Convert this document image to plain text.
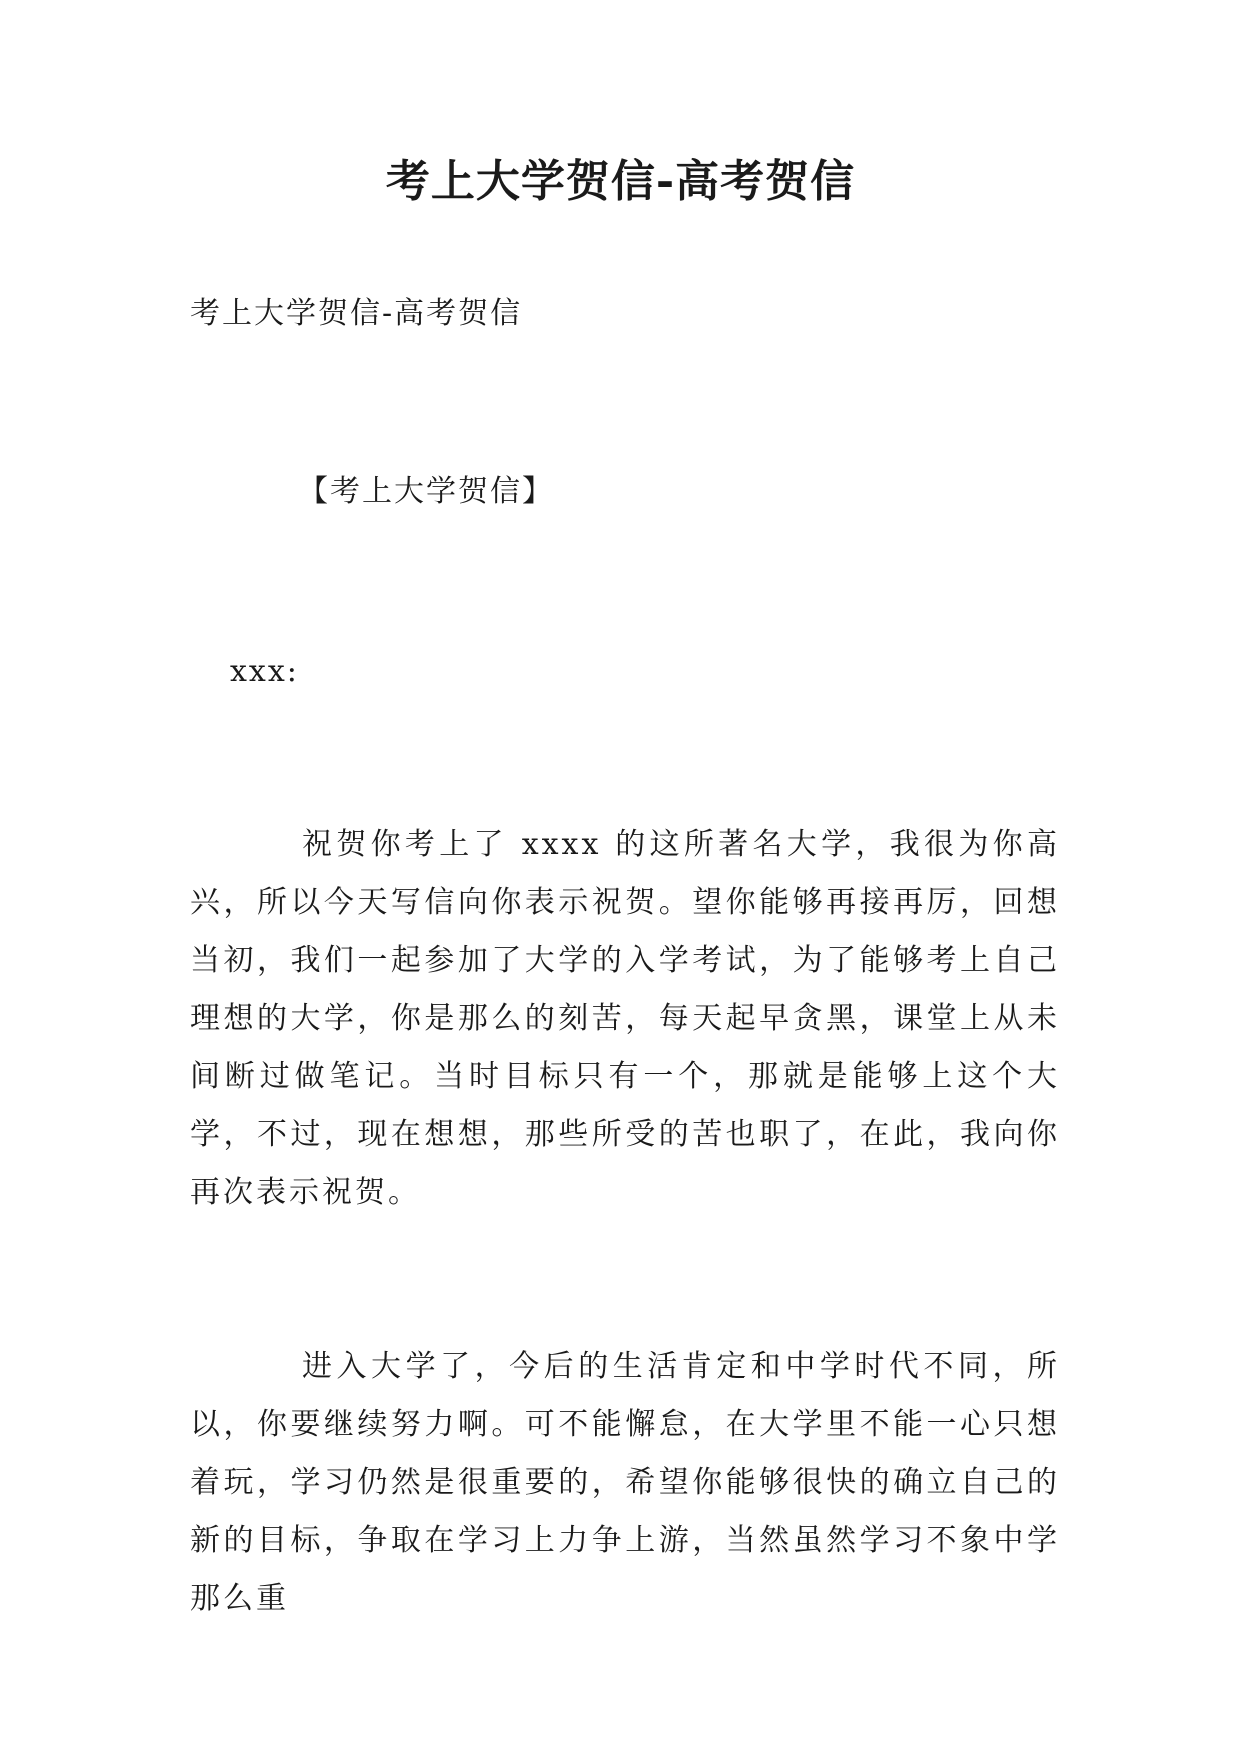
考上大学贺信-高考贺信
考上大学贺信-高考贺信
【考上大学贺信】
xxx:

祝贺你考上了 xxxx 的这所著名大学，我很为你高兴，所以今天写信向你表示祝贺。望你能够再接再厉，回想当初，我们一起参加了大学的入学考试，为了能够考上自己理想的大学，你是那么的刻苦，每天起早贪黑，课堂上从未间断过做笔记。当时目标只有一个，那就是能够上这个大学，不过，现在想想，那些所受的苦也职了，在此，我向你再次表示祝贺。

进入大学了，今后的生活肯定和中学时代不同，所以，你要继续努力啊。可不能懈怠，在大学里不能一心只想着玩，学习仍然是很重要的，希望你能够很快的确立自己的新的目标，争取在学习上力争上游，当然虽然学习不象中学那么重
